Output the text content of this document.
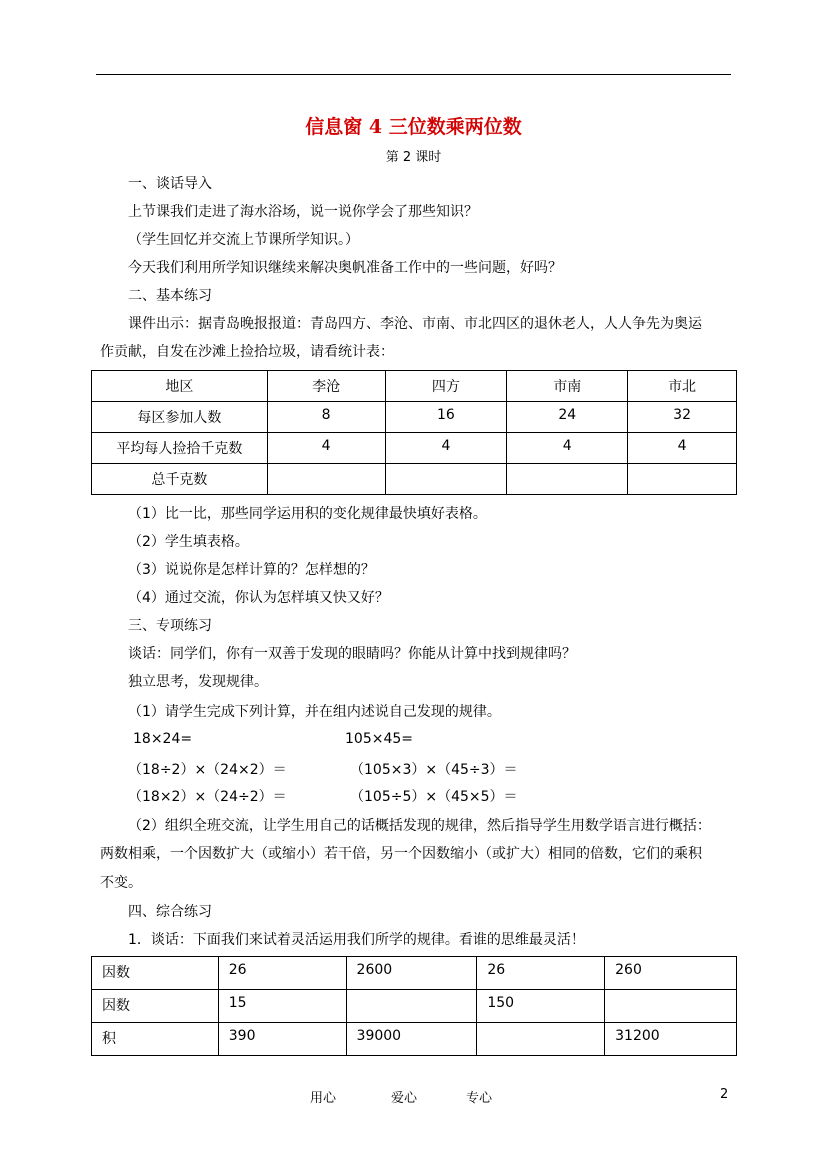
信息窗 4 三位数乘两位数
第 2 课时
一、谈话导入
上节课我们走进了海水浴场，说一说你学会了那些知识？
（学生回忆并交流上节课所学知识。）
今天我们利用所学知识继续来解决奥帆准备工作中的一些问题，好吗？
二、基本练习
课件出示：据青岛晚报报道：青岛四方、李沧、市南、市北四区的退休老人，人人争先为奥运
作贡献，自发在沙滩上捡拾垃圾，请看统计表：
地区	李沧	四方	市南	市北
每区参加人数	8	16	24	32
平均每人捡拾千克数	4	4	4	4
总千克数				
（1）比一比，那些同学运用积的变化规律最快填好表格。
（2）学生填表格。
（3）说说你是怎样计算的？怎样想的？
（4）通过交流，你认为怎样填又快又好？
三、专项练习
谈话：同学们，你有一双善于发现的眼睛吗？你能从计算中找到规律吗？
独立思考，发现规律。
（1）请学生完成下列计算，并在组内述说自己发现的规律。
18×24=
（18÷2）×（24×2）＝
（18×2）×（24÷2）＝
105×45=
（105×3）×（45÷3）＝
（105÷5）×（45×5）＝
（2）组织全班交流，让学生用自己的话概括发现的规律，然后指导学生用数学语言进行概括：
两数相乘，一个因数扩大（或缩小）若干倍，另一个因数缩小（或扩大）相同的倍数，它们的乘积
不变。
四、综合练习
1．谈话：下面我们来试着灵活运用我们所学的规律。看谁的思维最灵活！
因数	26	2600	26	260
因数	15		150	
积	390	39000		31200
用心	爱心	专心	2
